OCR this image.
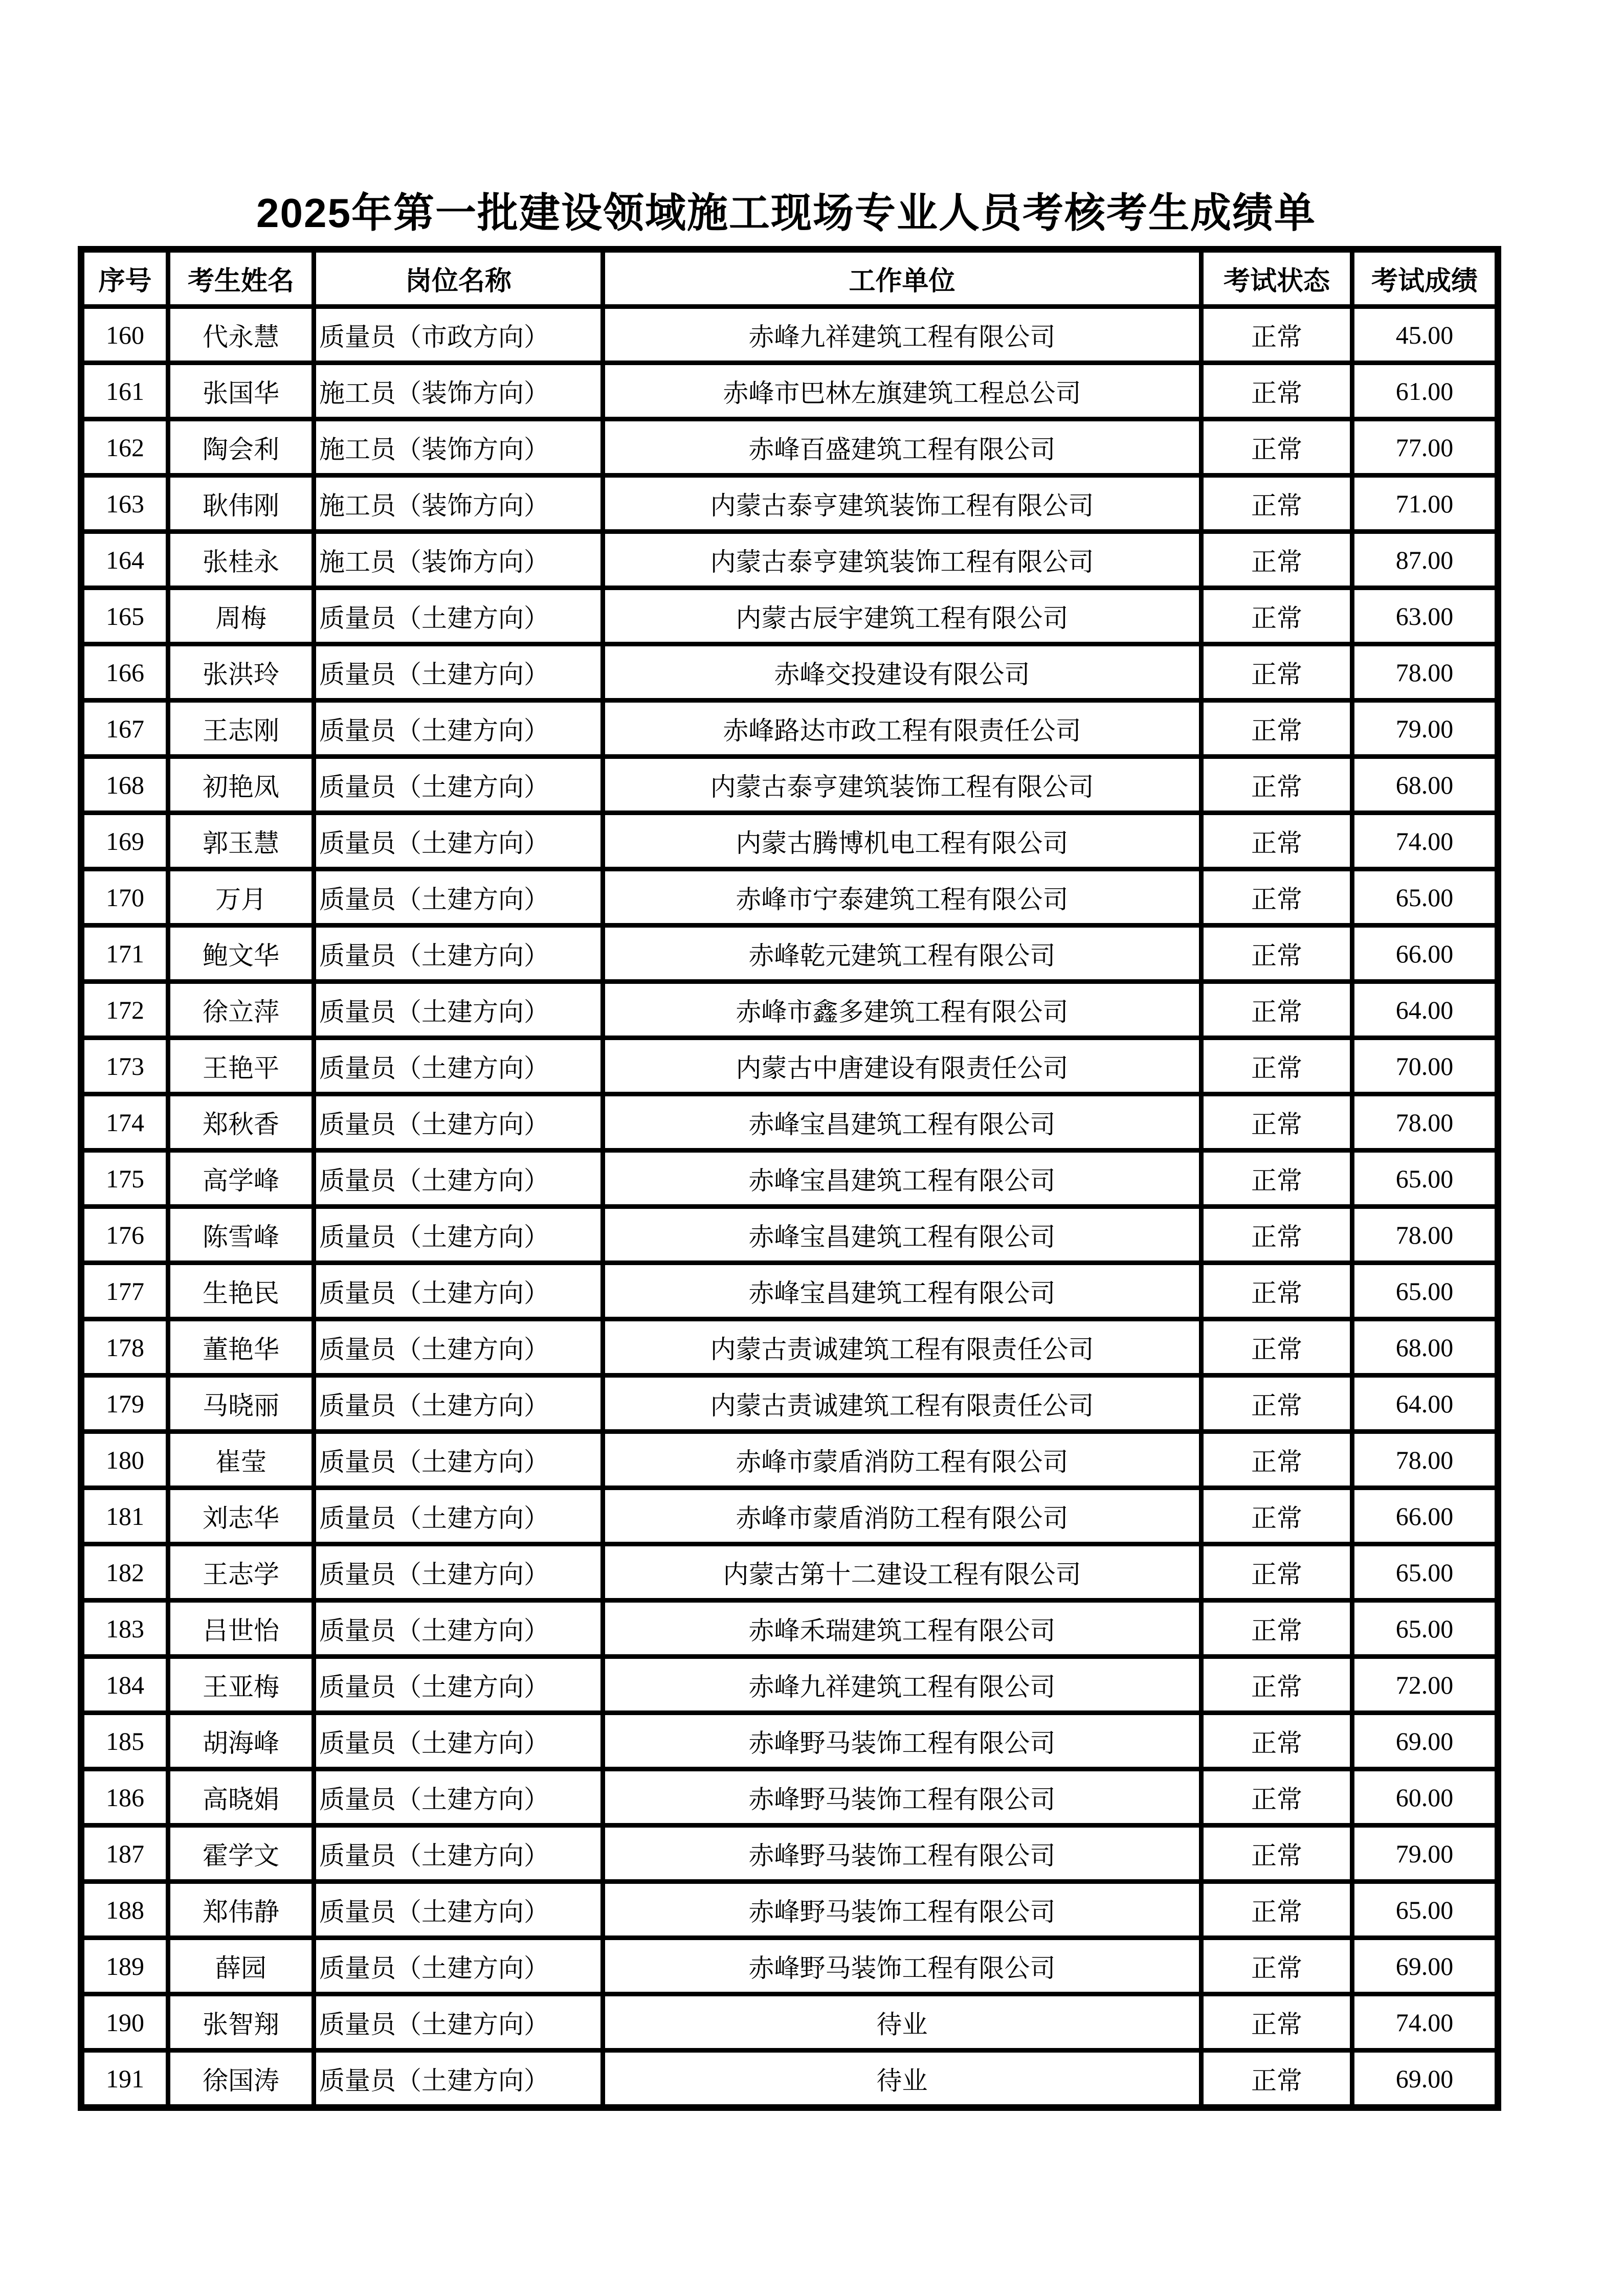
2025年第一批建设领域施工现场专业人员考核考生成绩单
序号	考生姓名	岗位名称	工作单位	考试状态	考试成绩
160	代永慧	质量员（市政方向）	赤峰九祥建筑工程有限公司	正常	45.00
161	张国华	施工员（装饰方向）	赤峰市巴林左旗建筑工程总公司	正常	61.00
162	陶会利	施工员（装饰方向）	赤峰百盛建筑工程有限公司	正常	77.00
163	耿伟刚	施工员（装饰方向）	内蒙古泰亨建筑装饰工程有限公司	正常	71.00
164	张桂永	施工员（装饰方向）	内蒙古泰亨建筑装饰工程有限公司	正常	87.00
165	周梅	质量员（土建方向）	内蒙古辰宇建筑工程有限公司	正常	63.00
166	张洪玲	质量员（土建方向）	赤峰交投建设有限公司	正常	78.00
167	王志刚	质量员（土建方向）	赤峰路达市政工程有限责任公司	正常	79.00
168	初艳凤	质量员（土建方向）	内蒙古泰亨建筑装饰工程有限公司	正常	68.00
169	郭玉慧	质量员（土建方向）	内蒙古腾博机电工程有限公司	正常	74.00
170	万月	质量员（土建方向）	赤峰市宁泰建筑工程有限公司	正常	65.00
171	鲍文华	质量员（土建方向）	赤峰乾元建筑工程有限公司	正常	66.00
172	徐立萍	质量员（土建方向）	赤峰市鑫多建筑工程有限公司	正常	64.00
173	王艳平	质量员（土建方向）	内蒙古中唐建设有限责任公司	正常	70.00
174	郑秋香	质量员（土建方向）	赤峰宝昌建筑工程有限公司	正常	78.00
175	高学峰	质量员（土建方向）	赤峰宝昌建筑工程有限公司	正常	65.00
176	陈雪峰	质量员（土建方向）	赤峰宝昌建筑工程有限公司	正常	78.00
177	生艳民	质量员（土建方向）	赤峰宝昌建筑工程有限公司	正常	65.00
178	董艳华	质量员（土建方向）	内蒙古责诚建筑工程有限责任公司	正常	68.00
179	马晓丽	质量员（土建方向）	内蒙古责诚建筑工程有限责任公司	正常	64.00
180	崔莹	质量员（土建方向）	赤峰市蒙盾消防工程有限公司	正常	78.00
181	刘志华	质量员（土建方向）	赤峰市蒙盾消防工程有限公司	正常	66.00
182	王志学	质量员（土建方向）	内蒙古第十二建设工程有限公司	正常	65.00
183	吕世怡	质量员（土建方向）	赤峰禾瑞建筑工程有限公司	正常	65.00
184	王亚梅	质量员（土建方向）	赤峰九祥建筑工程有限公司	正常	72.00
185	胡海峰	质量员（土建方向）	赤峰野马装饰工程有限公司	正常	69.00
186	高晓娟	质量员（土建方向）	赤峰野马装饰工程有限公司	正常	60.00
187	霍学文	质量员（土建方向）	赤峰野马装饰工程有限公司	正常	79.00
188	郑伟静	质量员（土建方向）	赤峰野马装饰工程有限公司	正常	65.00
189	薛园	质量员（土建方向）	赤峰野马装饰工程有限公司	正常	69.00
190	张智翔	质量员（土建方向）	待业	正常	74.00
191	徐国涛	质量员（土建方向）	待业	正常	69.00
